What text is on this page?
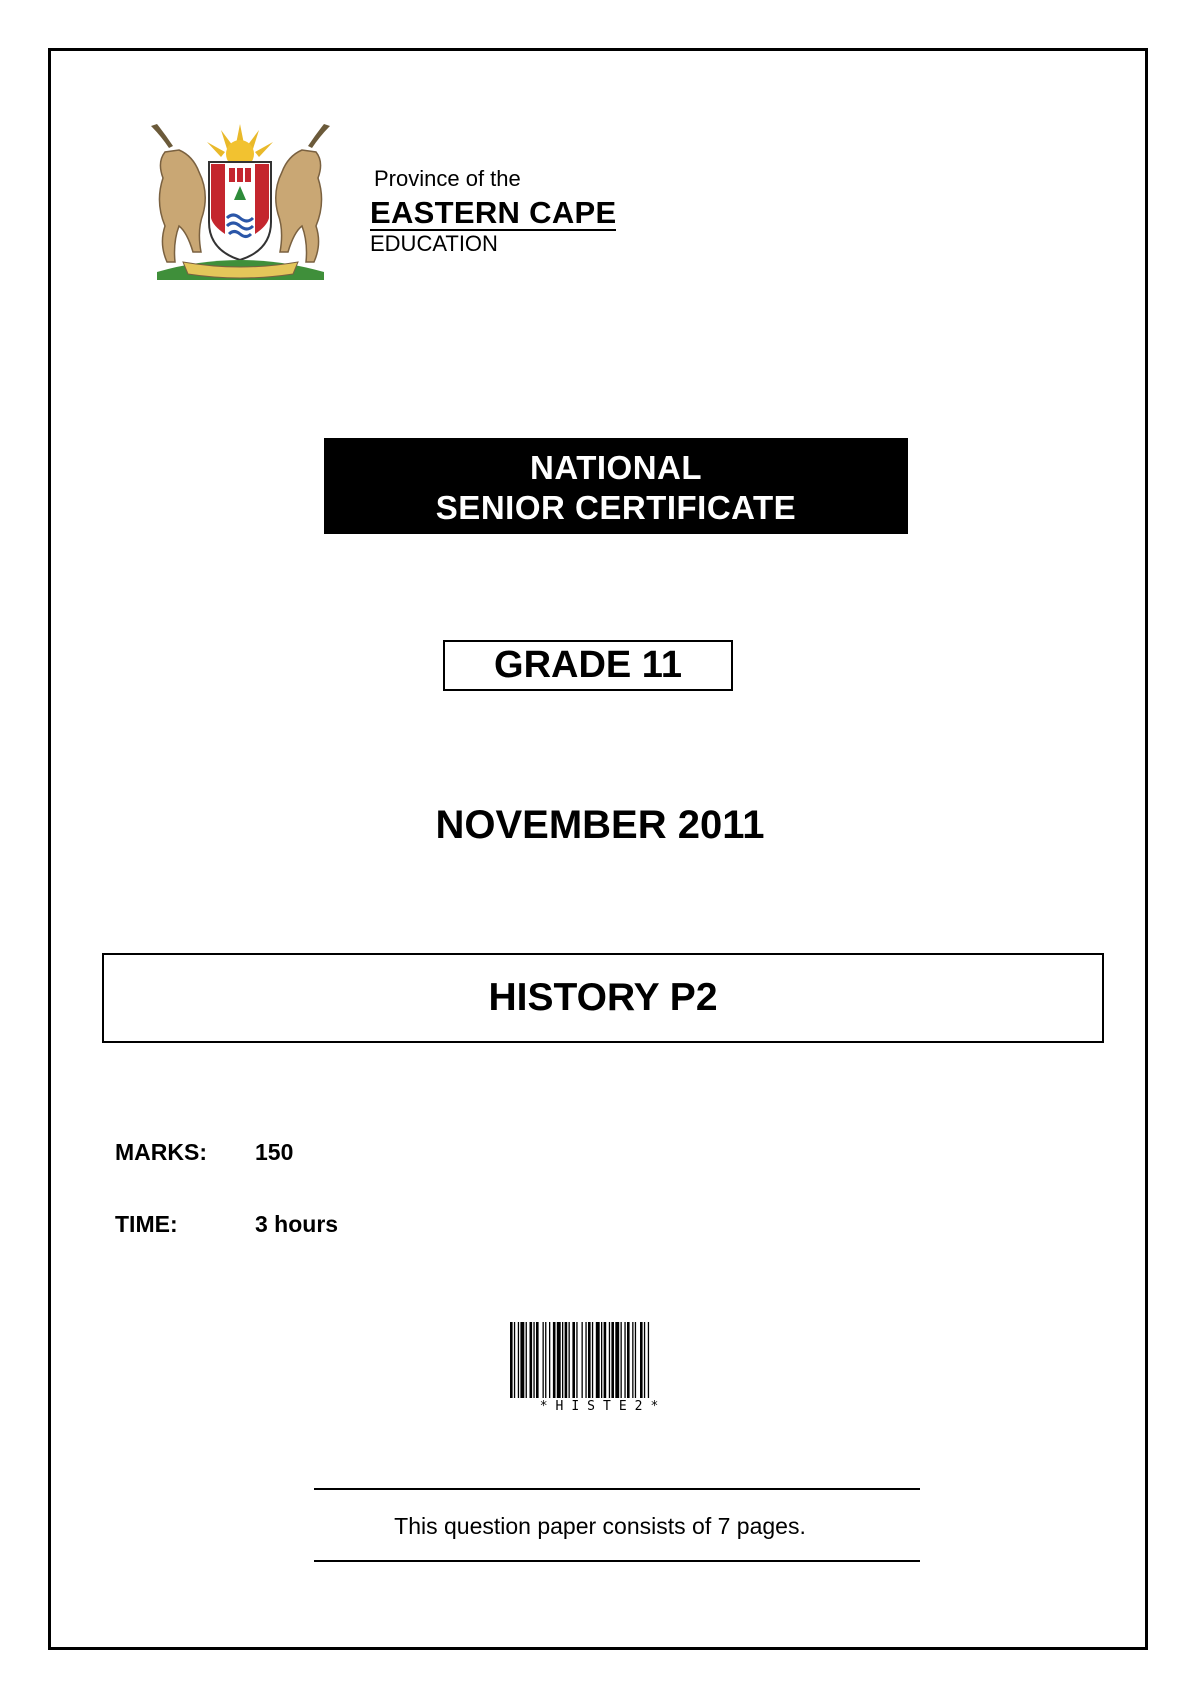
Province of the
EASTERN CAPE
EDUCATION
NATIONAL
SENIOR CERTIFICATE
GRADE 11
NOVEMBER 2011
HISTORY P2
MARKS: 150
TIME:	3 hours
*HISTE2*
This question paper consists of 7 pages.
